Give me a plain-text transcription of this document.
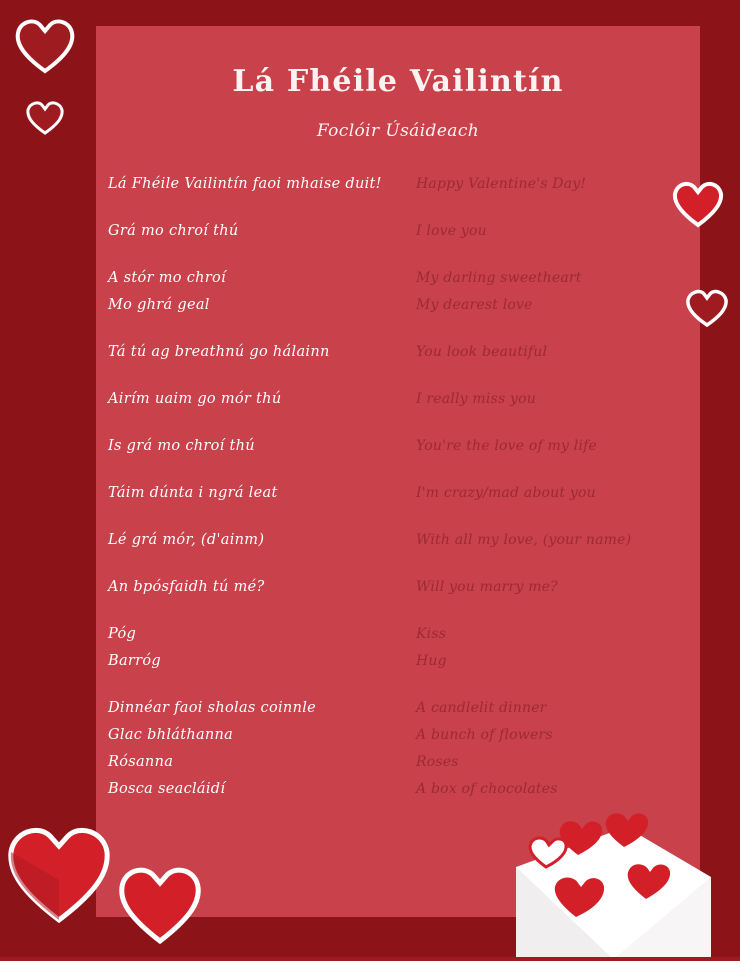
Lá Fhéile Vailintín
Foclóir Úsáideach
Lá Fhéile Vailintín faoi mhaise duit!	Happy Valentine's Day!
Grá mo chroí thú	I love you
A stór mo chroí	My darling sweetheart
Mo ghrá geal	My dearest love
Tá tú ag breathnú go hálainn	You look beautiful
Airím uaim go mór thú	I really miss you
Is grá mo chroí thú	You're the love of my life
Táim dúnta i ngrá leat	I'm crazy/mad about you
Lé grá mór, (d'ainm)	With all my love, (your name)
An bpósfaidh tú mé?	Will you marry me?
Póg	Kiss
Barróg	Hug
Dinnéar faoi sholas coinnle	A candlelit dinner
Glac bhláthanna	A bunch of flowers
Rósanna	Roses
Bosca seacláidí	A box of chocolates
